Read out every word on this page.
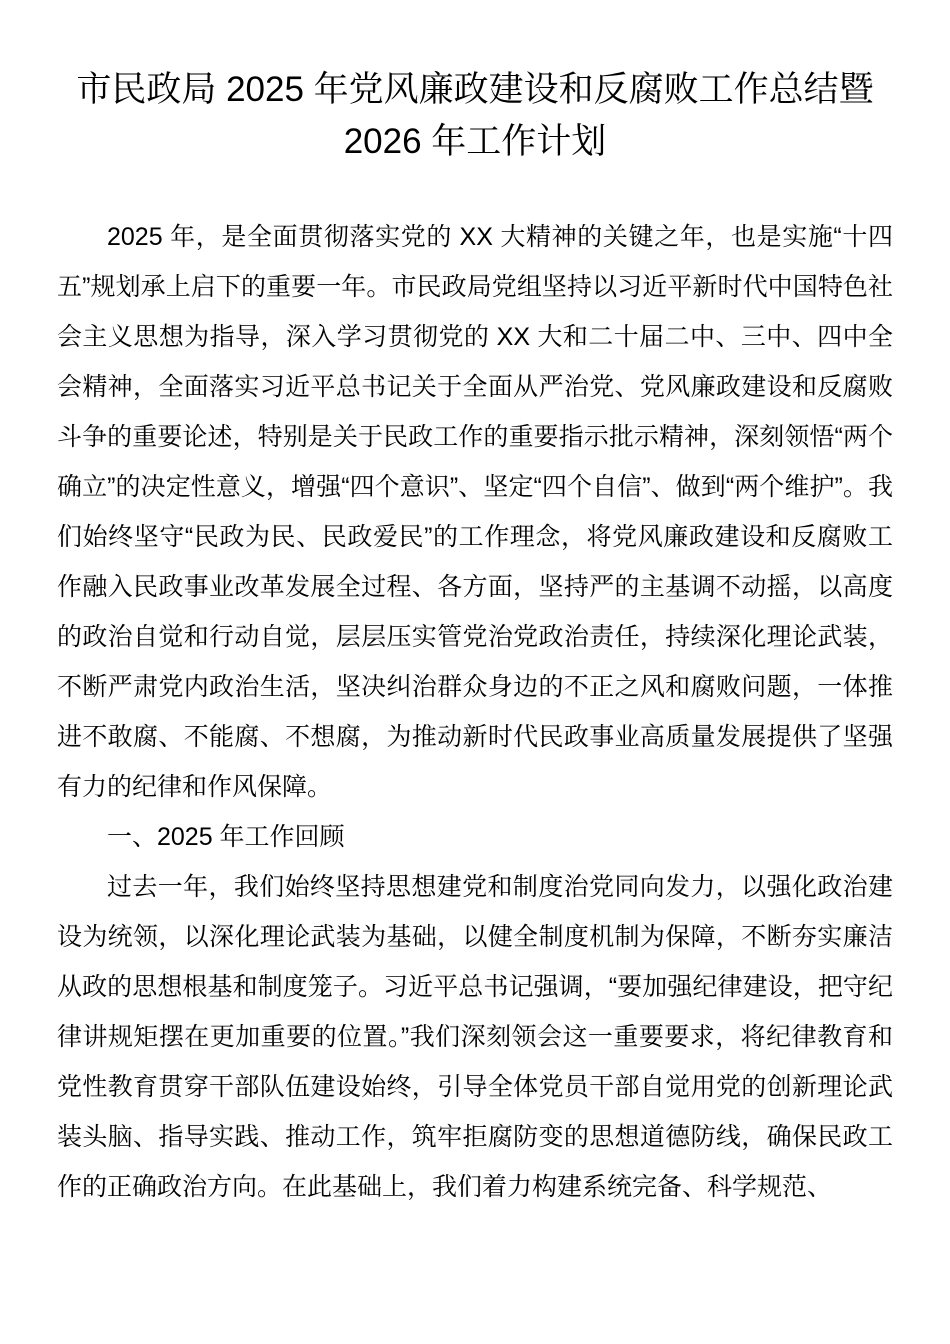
市民政局 2025 年党风廉政建设和反腐败工作总结暨
2026 年工作计划

2025 年，是全面贯彻落实党的 XX 大精神的关键之年，也是实施“十四五”规划承上启下的重要一年。市民政局党组坚持以习近平新时代中国特色社会主义思想为指导，深入学习贯彻党的 XX 大和二十届二中、三中、四中全会精神，全面落实习近平总书记关于全面从严治党、党风廉政建设和反腐败斗争的重要论述，特别是关于民政工作的重要指示批示精神，深刻领悟“两个确立”的决定性意义，增强“四个意识”、坚定“四个自信”、做到“两个维护”。我们始终坚守“民政为民、民政爱民”的工作理念，将党风廉政建设和反腐败工作融入民政事业改革发展全过程、各方面，坚持严的主基调不动摇，以高度的政治自觉和行动自觉，层层压实管党治党政治责任，持续深化理论武装，不断严肃党内政治生活，坚决纠治群众身边的不正之风和腐败问题，一体推进不敢腐、不能腐、不想腐，为推动新时代民政事业高质量发展提供了坚强有力的纪律和作风保障。

一、2025 年工作回顾

过去一年，我们始终坚持思想建党和制度治党同向发力，以强化政治建设为统领，以深化理论武装为基础，以健全制度机制为保障，不断夯实廉洁从政的思想根基和制度笼子。习近平总书记强调，“要加强纪律建设，把守纪律讲规矩摆在更加重要的位置。”我们深刻领会这一重要要求，将纪律教育和党性教育贯穿干部队伍建设始终，引导全体党员干部自觉用党的创新理论武装头脑、指导实践、推动工作，筑牢拒腐防变的思想道德防线，确保民政工作的正确政治方向。在此基础上，我们着力构建系统完备、科学规范、
